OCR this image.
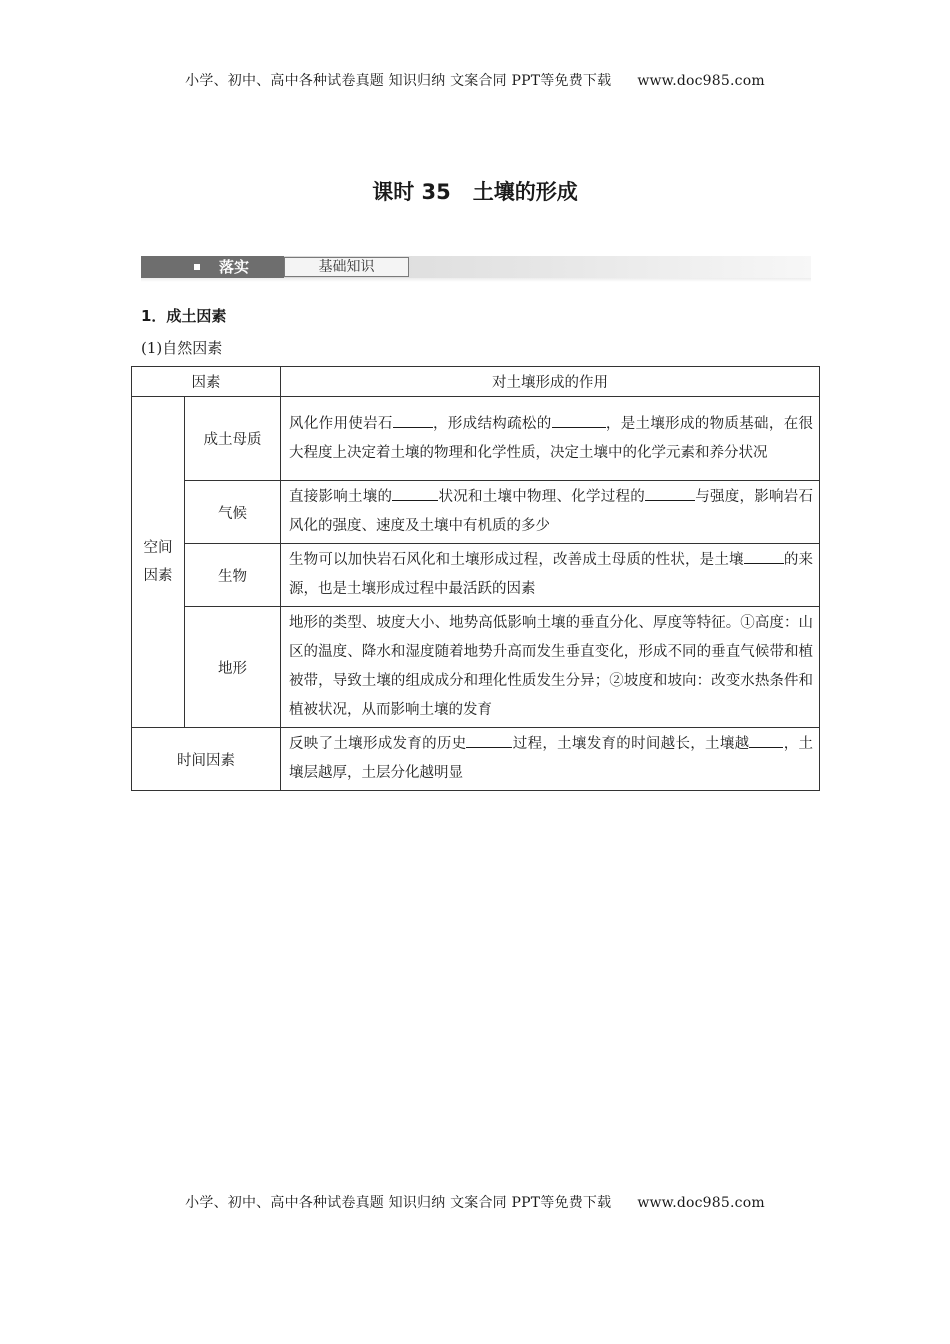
小学、初中、高中各种试卷真题 知识归纳 文案合同 PPT等免费下载 www.doc985.com
课时 35 土壤的形成
落实	基础知识
1．成土因素
(1)自然因素
因素		对土壤形成的作用
空间
因素	成土母质	风化作用使岩石 ，形成结构疏松的 ，是土壤形成的物质基础，在很大程度上决定着土壤的物理和化学性质，决定土壤中的化学元素和养分状况
	气候	直接影响土壤的 状况和土壤中物理、化学过程的 与强度，影响岩石风化的强度、速度及土壤中有机质的多少
	生物	生物可以加快岩石风化和土壤形成过程，改善成土母质的性状，是土壤 的来源，也是土壤形成过程中最活跃的因素
	地形	地形的类型、坡度大小、地势高低影响土壤的垂直分化、厚度等特征。①高度：山区的温度、降水和湿度随着地势升高而发生垂直变化，形成不同的垂直气候带和植被带，导致土壤的组成成分和理化性质发生分异；②坡度和坡向：改变水热条件和植被状况，从而影响土壤的发育
时间因素		反映了土壤形成发育的历史 过程，土壤发育的时间越长，土壤越 ，土壤层越厚，土层分化越明显
小学、初中、高中各种试卷真题 知识归纳 文案合同 PPT等免费下载 www.doc985.com
